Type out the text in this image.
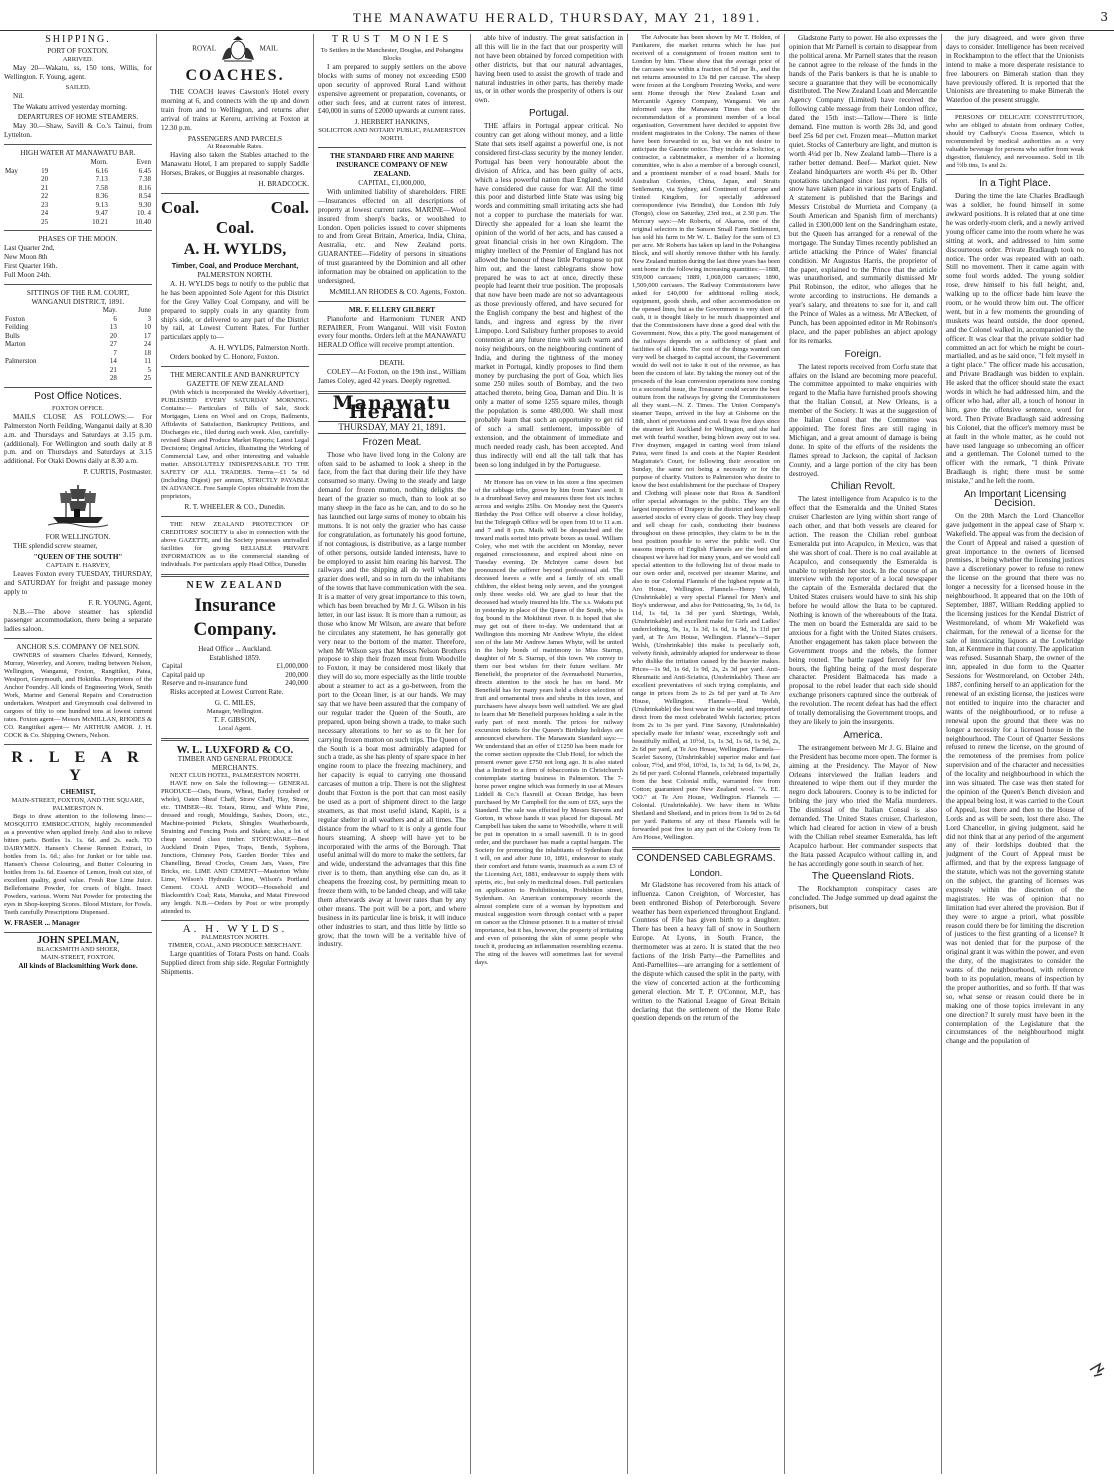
THE MANAWATU HERALD, THURSDAY, MAY 21, 1891.	3
SHIPPING.
PORT OF FOXTON.
ARRIVED.

May 20—Wakatu, ss, 150 tons, Willis, for Wellington. F. Young, agent.

SAILED.

Nil.

The Wakatu arrived yesterday morning.

DEPARTURES OF HOME STEAMERS.

May 30.—Shaw, Savill & Co.'s Tainui, from Lyttelton.

HIGH WATER AT MANAWATU BAR.
		Morn.	Even
May	19	6.16	6.45
	20	7.13	7.38
	21	7.58	8.16
	22	8.36	8.54
	23	9.13	9.30
	24	9.47	10. 4
	25	10.21	10.40
PHASES OF THE MOON.

Last Quarter 2nd,
New Moon 8th
First Quarter 16th.
Full Moon 24th.

SITTINGS OF THE R.M. COURT,
WANGANUI DISTRICT, 1891.
	May.	June
Foxton	6	3
Feilding	13	10
Bulls	20	17
Marton	27	24
	7	18
Palmerston	14	11
	21	5
	28	25
Post Office Notices.
FOXTON OFFICE.

MAILS CLOSE AS FOLLOWS:— For Palmerston North Feilding, Wanganui daily at 8.30 a.m. and Thursdays and Saturdays at 3.15 p.m. (additional). For Wellington and south daily at 8 p.m. and on Thursdays and Saturdays at 3.15 additional. For Otaki Downs daily at 8.30 a.m.

P. CURTIS, Postmaster.
FOR WELLINGTON.

THE splendid screw steamer,

"QUEEN OF THE SOUTH"
CAPTAIN E. HARVEY,

Leaves Foxton every TUESDAY, THURSDAY, and SATURDAY for freight and passage money apply to

F. R. YOUNG, Agent,

N.B.—The above steamer has splendid passenger accommodation, there being a separate ladies saloon.

ANCHOR S.S. COMPANY OF NELSON.

OWNERS of steamers Charles Edward, Kennedy, Murray, Waverley, and Aorere, trading between Nelson, Wellington, Wanganui, Foxton, Rangitikei, Patea, Westport, Greymouth, and Hokitika. Proprietors of the Anchor Foundry. All kinds of Engineering Work, Smith Work, Marine and General Repairs and Construction undertaken. Westport and Greymouth coal delivered in cargoes of fifty to one hundred tons at lowest current rates. Foxton agent— Messrs McMILLAN, RHODES & CO. Rangitikei agent— Mr ARTHUR AMOR. J. H. COCK & Co. Shipping Owners, Nelson.

R. L E A R Y
CHEMIST,
MAIN-STREET, FOXTON, AND THE SQUARE, PALMERSTON N.

Begs to draw attention to the following lines:— MOSQUITO EMBROCATION, highly recommended as a preventive when applied freely. And also to relieve bitten parts. Bottles 1s. 1s. 6d. and 2s. each. TO DAIRYMEN. Hansen's Cheese Rennett Extract, in bottles from 1s. 6d.; also for Junket or for table use. Hansen's Cheese Colouring, and Butter Colouring in bottles from 1s. 6d. Essence of Lemon, fresh cut size, of excellent quality, good value. Fresh Rue Lime Juice. Bellefontaine Powder, for cruets of blight. Insect Powders, various. Worm Nut Powder for protecting the eyes in Shop-keeping Scores. Blood Mixture, for Fowls. Teeth carefully Prescriptions Dispensed.

W. FRASER ... Manager
JOHN SPELMAN,
BLACKSMITH AND SHOER,
MAIN-STREET, FOXTON.
All kinds of Blacksmithing Work done.
ROYAL	MAIL
COACHES.

THE COACH leaves Cawston's Hotel every morning at 6, and connects with the up and down train from and to Wellington, and returns after arrival of trains at Kereru, arriving at Foxton at 12.30 p.m.

PASSENGERS AND PARCELS
At Reasonable Rates.

Having also taken the Stables attached to the Manawatu Hotel, I am prepared to supply Saddle Horses, Brakes, or Buggies at reasonable charges.

H. BRADCOCK.
Coal.	Coal.
Coal.
A. H. WYLDS,
Timber, Coal, and Produce Merchant,
PALMERSTON NORTH.

A. H. WYLDS begs to notify to the public that he has been appointed Sole Agent for this District for the Grey Valley Coal Company, and will be prepared to supply coals in any quantity from ship's side, or delivered to any part of the District by rail, at Lowest Current Rates. For further particulars apply to—

A. H. WYLDS, Palmerston North.

Orders booked by C. Honore, Foxton.

THE MERCANTILE AND BANKRUPTCY GAZETTE OF NEW ZEALAND

(With which is incorporated the Weekly Advertiser), PUBLISHED EVERY SATURDAY MORNING. Contains:— Particulars of Bills of Sale, Stock Mortgages, Liens on Wool and on Crops, Bailments, Affidavits of Satisfaction, Bankruptcy Petitions, and Discharges etc., filed during each week. Also, carefully-revised Share and Produce Market Reports; Latest Legal Decisions; Original Articles, illustrating the Working of Commercial Law, and other interesting and valuable matter. ABSOLUTELY INDISPENSABLE TO THE SAFETY OF ALL TRADERS. Terms—£1 5s 6d (including Digest) per annum, STRICTLY PAYABLE IN ADVANCE. Free Sample Copies obtainable from the proprietors,

R. T. WHEELER & CO., Dunedin.

THE NEW ZEALAND PROTECTION OF CREDITORS' SOCIETY is also in connection with the above GAZETTE, and the Society possesses unrivalled facilities for giving RELIABLE PRIVATE INFORMATION as to the commercial standing of individuals. For particulars apply Head Office, Dunedin

NEW ZEALAND
Insurance Company.
Head Office ... Auckland.
Established 1859.
Capital	£1,000,000
Capital paid up	200,000
Reserve and re-insurance fund	240,000

Risks accepted at Lowest Current Rate.

G. C. MILES,
Manager, Wellington.
T. F. GIBSON,
Local Agent.
W. L. LUXFORD & CO.
TIMBER AND GENERAL PRODUCE MERCHANTS.
NEXT CLUB HOTEL, PALMERSTON NORTH.

HAVE now on Sale the following:— GENERAL PRODUCE—Oats, Beans, Wheat, Barley (crushed or whole), Oaten Sheaf Chaff, Straw Chaff, Hay, Straw, etc. TIMBER—Rt. Totara, Rimu, and White Pine, dressed and rough, Mouldings, Sashes, Doors, etc., Machine-pointed Pickets, Shingles Weatherboards, Straining and Fencing Posts and Stakes; also, a lot of cheap second class timber. STONEWARE—Best Auckland Drain Pipes, Traps, Bends, Syphons, Junctions, Chimney Pots, Garden Border Tiles and Chanelling, Bread Crocks, Cream Jars, Vases, Fire Bricks, etc. LIME AND CEMENT—Masterton White Lime, Wilson's Hydraulic Lime, Wilson's Portland Cement. COAL AND WOOD—Household and Blacksmith's Coal; Rata, Manuka, and Matai Firewood any length. N.B.—Orders by Post or wire promptly attended to.

A. H. WYLDS.
PALMERSTON NORTH.
TIMBER, COAL, AND PRODUCE MERCHANT.

Large quantities of Totara Posts on hand. Coals Supplied direct from ship side. Regular Fortnightly Shipments.

TRUST MONIES
To Settlers in the Manchester, Douglas, and Pohangina Blocks

I am prepared to supply settlers on the above blocks with sums of money not exceeding £500 upon security of approved Rural Land without expensive agreement or preparation, covenants, or other such fees, and at current rates of interest. £40,000 in sums of £2000 upwards at current rates.

J. HERBERT HANKINS,
SOLICITOR AND NOTARY PUBLIC, PALMERSTON NORTH.
THE STANDARD FIRE AND MARINE INSURANCE COMPANY OF NEW ZEALAND.
CAPITAL, £1,000,000,

With unlimited liability of shareholders. FIRE—Insurances effected on all descriptions of property at lowest current rates. MARINE—Wool insured from sheep's backs, or woolshed to London. Open policies issued to cover shipments to and from Great Britain, America, India, China, Australia, etc. and New Zealand ports. GUARANTEE—Fidelity of persons in situations of trust guaranteed by the Dominion and all other information may be obtained on application to the undersigned,

McMILLAN RHODES & CO. Agents, Foxton.
MR. F. ELLERY GILBERT

Pianoforte and Harmonium TUNER AND REPAIRER, From Wanganui. Will visit Foxton every four months. Orders left at the MANAWATU HERALD Office will receive prompt attention.

DEATH.

COLEY—At Foxton, on the 19th inst., William James Coley, aged 42 years. Deeply regretted.

Manawatu Herald.
THURSDAY, MAY 21, 1891.
Frozen Meat.

Those who have lived long in the Colony are often said to be ashamed to look a sheep in the face, from the fact that during their life they have consumed so many. Owing to the steady and large demand for frozen mutton, nothing delights the heart of the grazier so much, than to look at so many sheep in the face as he can, and to do so he has launched out large sums of money to obtain his muttons. It is not only the grazier who has cause for congratulation, as fortunately his good fortune, if not contagious, is distributive, as a large number of other persons, outside landed interests, have to be employed to assist him rearing his harvest. The railways and the shipping all do well when the grazier does well, and so in turn do the inhabitants of the towns that have communication with the sea. It is a matter of very great importance to this town, which has been breached by Mr J. G. Wilson in his letter, in our last issue. It is more than a rumour, as those who know Mr Wilson, are aware that before he circulates any statement, he has generally got very near to the bottom of the matter. Therefore, when Mr Wilson says that Messrs Nelson Brothers propose to ship their frozen meat from Woodville to Foxton, it may be considered most likely that they will do so, more especially as the little trouble about a steamer to act as a go-between, from the port to the Ocean liner, is at our hands. We may say that we have been assured that the company of our regular trader the Queen of the South, are prepared, upon being shown a trade, to make such necessary alterations to her so as to fit her for carrying frozen mutton on such trips. The Queen of the South is a boat most admirably adapted for such a trade, as she has plenty of spare space in her engine room to place the freezing machinery, and her capacity is equal to carrying one thousand carcases of mutton a trip. There is not the slightest doubt that Foxton is the port that can most easily be used as a port of shipment direct to the large steamers, as that most useful island, Kapiti, is a regular shelter in all weathers and at all times. The distance from the wharf to it is only a gentle four hours steaming. A sheep will have yet to be incorporated with the arms of the Borough. That useful animal will do more to make the settlers, far and wide, understand the advantages that this fine river is to them, than anything else can do, as it cheapens the freezing cost, by permitting mean to freeze them with, to be landed cheap, and will take them afterwards away at lower rates than by any other means. The port will be a port, and where business in its particular line is brisk, it will induce other industries to start, and thus little by little so grow, that the town will be a veritable hive of industry.

able hive of industry. The great satisfaction in all this will lie in the fact that our prosperity will not have been obtained by forced competition with other districts, but that our natural advantages, having been used to assist the growth of trade and natural industries in other parts, has thereby made us, or in other words the prosperity of others is our own.

Portugal.

THE affairs in Portugal appear critical. No country can get along without money, and a little State that sets itself against a powerful one, is not considered first-class security by the money lender. Portugal has been very honourable about the division of Africa, and has been guilty of acts, which a less powerful nation than England, would have considered due cause for war. All the time this poor and disturbed little State was using big words and committing small irritating acts she had not a copper to purchase the materials for war. Directly she appealed for a loan she learnt the opinion of the world of her acts, and has caused a great financial crisis in her own Kingdom. The mighty intellect of the Premier of England has not allowed the honour of these little Portuguese to put him out, and the latest cablegrams show how prepared he was to act at once, directly these people had learnt their true position. The proposals that now have been made are not so advantageous as those previously offered, and have secured for the English company the best and highest of the lands, and ingress and egress by the river Limpopo. Lord Salisbury further proposes to avoid contention at any future time with such warm and noisy neighbours, on the neighbouring continent of India, and during the tightness of the money market in Portugal, kindly proposes to find them money by purchasing the port of Goa, which lies some 250 miles south of Bombay, and the two attached thereto, being Goa, Daman and Diu. It is only a matter of some 1255 square miles, though the population is some 480,000. We shall most probably learn that such an opportunity to get rid of such a small settlement, impossible of extension, and the obtainment of immediate and much needed ready cash, has been accepted. And thus indirectly will end all the tall talk that has been so long indulged in by the Portuguese.

Mr Honore has on view in his store a fine specimen of the cabbage tribe, grown by him from Yates' seed. It is a drumhead Savoy and measures three feet six inches across and weighs 25lbs. On Monday next the Queen's Birthday the Post Office will observe a close holiday, but the Telegraph Office will be open from 10 to 11 a.m. and 7 and 8 p.m. Mails will be despatched and the inward mails sorted into private boxes as usual. William Coley, who met with the accident on Monday, never regained consciousness, and expired about nine on Tuesday evening. Dr McIntyre came down but pronounced the sufferer beyond professional aid. The deceased leaves a wife and a family of six small children, the eldest being only seven, and the youngest only three weeks old. We are glad to hear that the deceased had wisely insured his life. The s.s. Wakatu put in yesterday in place of the Queen of the South, who is fog bound in the Mokihinui river. It is hoped that she may get out of there to-day. We understand that at Wellington this morning Mr Andrew Whyte, the eldest son of the late Mr Andrew James Whyte, will be united in the holy bonds of matrimony to Miss Starrup, daughter of Mr S. Starrup, of this town. We convey to them our best wishes for their future welfare. Mr Benefield, the proprietor of the Avenuehotel Nurseries, directs attention to the stock he has on hand. Mr Benefield has for many years held a choice selection of fruit and ornamental trees and shrubs in this town, and purchasers have always been well satisfied. We are glad to learn that Mr Benefield purposes holding a sale in the early part of next month. The prices for railway excursion tickets for the Queen's Birthday holidays are announced elsewhere. The Manawatu Standard says:—We understand that an offer of £1250 has been made for the corner section opposite the Club Hotel, for which the present owner gave £750 not long ago. It is also stated that a limited to a firm of tobacconists in Christchurch contemplate starting business in Palmerston. The 7-horse power engine which was formerly in use at Messrs Liddell & Co.'s flaxmill at Ocean Bridge, has been purchased by Mr Campbell for the sum of £65, says the Standard. The sale was effected by Messrs Stevens and Gorton, in whose hands it was placed for disposal. Mr Campbell has taken the same to Woodville, where it will be put in operation in a small sawmill. It is in good order, and the purchaser has made a capital bargain. The Society for promoting the inhabitants of Sydenham that I will, on and after June 10, 1891, endeavour to study their comfort and future wants, inasmuch as a sum £3 of the Licensing Act, 1881, endeavour to supply them with spirits, etc., but only in medicinal doses. Full particulars on application to Prohibitionists, Prohibition street, Sydenham. An American contemporary records the almost complete cure of a woman by hypnotism and musical suggestion worn through contact with a paper on cancer as the Chinese prisoner. It is a matter of trivial importance, but it has, however, the property of irritating and even of poisoning the skin of some people who touch it, producing an inflammation resembling eczema. The sting of the leaves will sometimes last for several days.

The Advocate has been shown by Mr T. Holden, of Panikarere, the market returns which he has just received of a consignment of frozen mutton sent to London by him. These show that the average price of the carcases was within a fraction of 5d per lb., and the net returns amounted to 13s 8d per carcase. The sheep were frozen at the Longburn Freezing Works, and were sent Home through the New Zealand Loan and Mercantile Agency Company, Wanganui. We are informed says the Manawatu Times that on the recommendation of a prominent member of a local organisation, Government have decided to appoint five resident magistrates in the Colony. The names of these have been forwarded to us, but we do not desire to anticipate the Gazette notice. They include a Solicitor, a contractor, a cabinetmaker, a member of a licensing committee, who is also a member of a borough council, and a prominent member of a road board. Mails for Australian Colonies, China, Japan, and Straits Settlements, via Sydney, and Continent of Europe and United Kingdom, for specially addressed correspondence (via Brindisi), due London 8th July (Tongo), close on Saturday, 23rd inst., at 2.30 p.m. The Mercury says:—Mr Roberts, of Akaroa, one of the original selectors in the Sanson Small Farm Settlement, has sold his farm to Mr W. L. Bailey for the sum of £3 per acre. Mr Roberts has taken up land in the Pohangina Block, and will shortly remove thither with his family. New Zealand mutton during the last three years has been sent home in the following increasing quantities:—1888, 939,000 carcases; 1889, 1,068,000 carcases; 1890, 1,509,000 carcases. The Railway Commissioners have asked for £40,000 for additional rolling stock, equipment, goods sheds, and other accommodation on the opened lines, but as the Government is very short of cash, it is thought likely to be much disappointed and that the Commissioners have done a good deal with the Government. Now, this a pity. The good management of the railways depends on a sufficiency of plant and facilities of all kinds. The cost of the things wanted can very well be charged to capital account, the Government would do well not to take it out of the revenue, as has been the custom of late. By taking the money out of the proceeds of the loan conversion operations now coming to a successful issue, the Treasurer could secure the best outturn from the railways by giving the Commissioners all they want.—N. Z. Times. The Union Company's steamer Taupo, arrived in the bay at Gisborne on the 18th, short of provisions and coal. It was five days since the steamer left Auckland for Wellington, and she had met with fearful weather, being blown away out to sea. Five draymen, engaged in carting wool from inland Patea, were fined 1s and costs at the Napier Resident Magistrate's Court, for following their avocation on Sunday, the same not being a necessity or for the purpose of charity. Visitors to Palmerston who desire to know the best establishment for the purchase of Drapery and Clothing will please note that Ross & Sandford offer special advantages to the public. They are the largest importers of Drapery in the district and keep well assorted stocks of every class of goods. They buy cheap and sell cheap for cash, conducting their business throughout on these principles, they claim to be in the best position possible to serve the public well. Our seasons imports of English Flannels are the best and cheapest we have had for many years, and we would call special attention to the following list of those made to our own order and, received per steamer Marine, and also to our Colonial Flannels of the highest repute at Te Aro House, Wellington. Flannels—Henry Welsh, (Unshrinkable) a very special Flannel for Men's and Boy's underwear, and also for Petticoating, 9s, 1s 6d, 1s 11d, 1s 6d, 1s 3d per yard. Shirtings, Welsh, (Unshrinkable) and excellent make for Girls and Ladies' underclothing, 9s, 1s, 1s 3d, 1s 6d, 1s 9d, 1s 11d per yard, at Te Aro House, Wellington. Flanne's—Super Welsh, (Unshrinkable) this make is peculiarly soft, velvety finish, admirably adapted for underwear to those who dislike the irritation caused by the heavier makes. Prices—1s 9d, 1s 6d, 1s 9d, 2s, 2s 3d per yard. Anti-Rheumatic and Anti-Sciatica, (Unshrinkable). These are excellent preventatives of such trying complaints, and range in prices from 2s to 2s 6d per yard at Te Aro House, Wellington. Flannels—Real Welsh, (Unshrinkable) the best wear in the world, and imported direct from the most celebrated Welsh factories; prices from 2s to 3s per yard. Fine Saxony, (Unshrinkable) specially made for infants' wear, exceedingly soft and beautifully milled, at 10½d, 1s, 1s 3d, 1s 6d, 1s 9d, 2s, 2s 6d per yard, at Te Aro House, Wellington. Flannels—Scarlet Saxony, (Unshrinkable) superior make and fast colour, 7½d, and 9½d, 10½d, 1s, 1s 3d, 1s 6d, 1s 9d, 2s, 2s 6d per yard. Colonial Flannels, celebrated impartially from the best Colonial mills, warranted free from Cotton; guaranteed pure New Zealand wool. "A. EE. 'OO." at Te Aro House, Wellington. Flannels — Colonial. (Unshrinkable). We have them in White Shetland and Shetland, and in prices from 1s 9d to 2s 6d per yard. Patterns of any of these Flannels will be forwarded post free to any part of the Colony from Te Aro House, Wellington.

CONDENSED CABLEGRAMS.
London.

Mr Gladstone has recovered from his attack of influenza. Canon Creighton, of Worcester, has been enthroned Bishop of Peterborough. Severe weather has been experienced throughout England. Countess of Fife has given birth to a daughter. There has been a heavy fall of snow in Southern Europe. At Lyons, in South France, the thermometer was at zero. It is stated that the two factions of the Irish Party—the Parnellites and Anti-Parnellites—are arranging for a settlement of the dispute which caused the split in the party, with the view of concerted action at the forthcoming general election. Mr T. P. O'Connor, M.P., has written to the National League of Great Britain declaring that the settlement of the Home Rule question depends on the return of the

Gladstone Party to power. He also expresses the opinion that Mr Parnell is certain to disappear from the political arena. Mr Parnell states that the reason he cannot agree to the release of the funds in the hands of the Paris bankers is that he is unable to secure a guarantee that they will be economically distributed. The New Zealand Loan and Mercantile Agency Company (Limited) have received the following cable message from their London office, dated the 15th inst:—Tallow—There is little demand. Fine mutton is worth 28s 3d, and good beef 25s 6d per cwt. Frozen meat—Mutton market quiet. Stocks of Canterbury are light, and mutton is worth 4¼d per lb. New Zealand lamb—There is a rather better demand. Beef— Market quiet. New Zealand hindquarters are worth 4¼ per lb. Other quotations unchanged since last report. Falls of snow have taken place in various parts of England. A statement is published that the Barings and Messrs Cristobal de Murrieta and Company (a South American and Spanish firm of merchants) called in £300,000 lent on the Sandringham estate, but the Queen has arranged for a renewal of the mortgage. The Sunday Times recently published an article attacking the Prince of Wales' financial condition. Mr Augustus Harris, the proprietor of the paper, explained to the Prince that the article was unauthorised, and summarily dismissed Mr Phil Robinson, the editor, who alleges that he wrote according to instructions. He demands a year's salary, and threatens to sue for it, and call the Prince of Wales as a witness. Mr A'Beckett, of Punch, has been appointed editor in Mr Robinson's place, and the paper publishes an abject apology for its remarks.

Foreign.

The latest reports received from Corfu state that affairs on the Island are becoming more peaceful. The committee appointed to make enquiries with regard to the Mafia have furnished proofs showing that the Italian Consul, at New Orleans, is a member of the Society. It was at the suggestion of the Italian Consul that the Committee was appointed. The forest fires are still raging in Michigan, and a great amount of damage is being done. In spite of the efforts of the residents the flames spread to Jackson, the capital of Jackson County, and a large portion of the city has been destroyed.

Chilian Revolt.

The latest intelligence from Acapulco is to the effect that the Esmeralda and the United States cruiser Charleston are lying within short range of each other, and that both vessels are cleared for action. The reason the Chilian rebel gunboat Esmeralda put into Acapulco, in Mexico, was that she was short of coal. There is no coal available at Acapulco, and consequently the Esmeralda is unable to replenish her stock. In the course of an interview with the reporter of a local newspaper the captain of the Esmeralda declared that the United States cruisers would have to sink his ship before he would allow the Itata to be captured. Nothing is known of the whereabouts of the Itata. The men on board the Esmeralda are said to be anxious for a fight with the United States cruisers. Another engagement has taken place between the Government troops and the rebels, the former being routed. The battle raged fiercely for five hours, the fighting being of the most desperate character. President Balmaceda has made a proposal to the rebel leader that each side should exchange prisoners captured since the outbreak of the revolution. The recent defeat has had the effect of totally demoralising the Government troops, and they are likely to join the insurgents.

America.

The estrangement between Mr J. G. Blaine and the President has become more open. The former is aiming at the Presidency. The Mayor of New Orleans interviewed the Italian leaders and threatened to wipe them out if they murder the negro dock labourers. Cooney is to be indicted for bribing the jury who tried the Mafia murderers. The dismissal of the Italian Consul is also demanded. The United States cruiser, Charleston, which had cleared for action in view of a brush with the Chilian rebel steamer Esmeralda, has left Acapulco harbour. Her commander suspects that the Itata passed Acapulco without calling in, and he has accordingly gone south in search of her.

The Queensland Riots.

The Rockhampton conspiracy cases are concluded. The Judge summed up dead against the prisoners, but

the jury disagreed, and were given three days to consider. Intelligence has been received in Rockhampton to the effect that the Unionists intend to make a more desperate resistance to free labourers on Bimerah station than they have previously offered. It is reported that the Unionists are threatening to make Bimerah the Waterloo of the present struggle.

PERSONS OF DELICATE CONSTITUTION, who are obliged to abstain from ordinary Coffee, should try Cadbury's Cocoa Essence, which is recommended by medical authorities as a very valuable beverage for persons who suffer from weak digestion, flatulency, and nervousness. Sold in 1lb and ½lb tins, 1s and 2s.

In a Tight Place.

During the time the late Charles Bradlaugh was a soldier, he found himself in some awkward positions. It is related that at one time he was orderly-room clerk, and a newly arrived young officer came into the room where he was sitting at work, and addressed to him some discourteous order. Private Bradlaugh took no notice. The order was repeated with an oath. Still no movement. Then it came again with some foul words added. The young soldier rose, drew himself to his full height, and, walking up to the officer bade him leave the room, or he would throw him out. The officer went, but in a few moments the grounding of muskets was heard outside, the door opened, and the Colonel walked in, accompanied by the officer. It was clear that the private soldier had committed an act for which he might be court-martialled, and as he said once, "I felt myself in a tight place." The officer made his accusation, and Private Bradlaugh was bidden to explain. He asked that the officer should state the exact words in which he had addressed him, and the officer who had, after all, a touch of honour in him, gave the offensive sentence, word for word. Then Private Bradlaugh said addressing his Colonel, that the officer's memory must be at fault in the whole matter, as he could not have used language so unbecoming an officer and a gentleman. The Colonel turned to the officer with the remark, "I think Private Bradlaugh is right; there must be some mistake," and he left the room.

An Important Licensing Decision.

On the 20th March the Lord Chancellor gave judgement in the appeal case of Sharp v. Wakefield. The appeal was from the decision of the Court of Appeal and raised a question of great importance to the owners of licensed premises, it being whether the licensing justices have a discretionary power to refuse to renew the license on the ground that there was no longer a necessity for a licensed house in the neighbourhood. It appeared that on the 10th of September, 1887, William Redding applied to the licensing justices for the Kendal District of Westmoreland, of whom Mr Wakefield was chairman, for the renewal of a license for the sale of intoxicating liquors at the Lowbridge Inn, at Kentmere in that county. The application was refused. Susannah Sharp, the owner of the inn, appealed in due form to the Quarter Sessions for Westmoreland, on October 24th, 1887, confining herself to an application for the renewal of an existing license, the justices were not entitled to inquire into the character and wants of the neighbourhood, or to refuse a renewal upon the ground that there was no longer a necessity for a licensed house in the neighbourhood. The Court of Quarter Sessions refused to renew the license, on the ground of the remoteness of the premises from police supervision and of the character and necessities of the locality and neighbourhood in which the inn was situated. The case was then stated for the opinion of the Queen's Bench division and the appeal being lost, it was carried to the Court of Appeal, lost there and then to the House of Lords and as will be seen, lost there also. The Lord Chancellor, in giving judgment, said he did not think that at any period of the argument any of their lordships doubted that the judgment of the Court of Appeal must be affirmed, and that by the express language of the statute, which was not the governing statute on the subject, the granting of licenses was expressly within the discretion of the magistrates. He was of opinion that no limitation had ever altered the provision. But if they were to argue a priori, what possible reason could there be for limiting the discretion of justices to the first granting of a license? It was not denied that for the purpose of the original grant it was within the power, and even the duty, of the magistrates to consider the wants of the neighbourhood, with reference both to its population, means of inspection by the proper authorities, and so forth. If that was so, what sense or reason could there be in making one of those topics irrelevant in any one direction? It surely must have been in the contemplation of the Legislature that the circumstances of the neighbourhood might change and the population of
